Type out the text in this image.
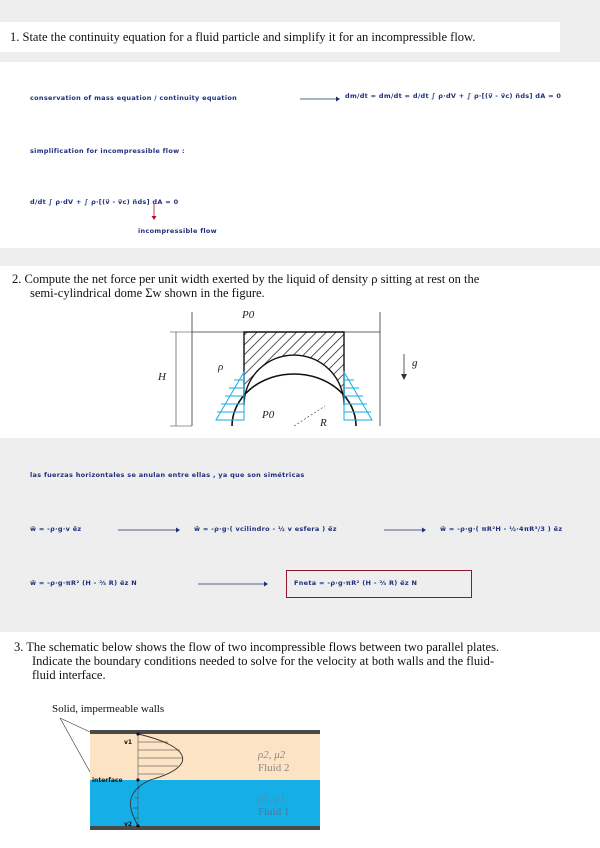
1. State the continuity equation for a fluid particle and simplify it for an incompressible flow.
conservation of mass equation / continuity equation	dm/dt = dm/dt = d/dt ∫ ρ·dV + ∫ ρ·[(v⃗ - v⃗c) n⃗ds] dA = 0
simplification for incompressible flow :
d/dt ∫ ρ·dV + ∫ ρ·[(v⃗ - v⃗c) n⃗ds] dA = 0
incompressible flow
2. Compute the net force per unit width exerted by the liquid of density ρ sitting at rest on the
semi-cylindrical dome Σw shown in the figure.
P0
ρ
H
g
P0
R
las fuerzas horizontales se anulan entre ellas , ya que son simétricas
w⃗ = -ρ·g·v e⃗z	w⃗ = -ρ·g·( vcilindro - ½ v esfera ) e⃗z	w⃗ = -ρ·g·( πR²H - ½·4πR³/3 ) e⃗z
w⃗ = -ρ·g·πR² (H - ⅔ R) e⃗z N	Fneta = -ρ·g·πR² (H - ⅔ R) e⃗z N
3. The schematic below shows the flow of two incompressible flows between two parallel plates.
Indicate the boundary conditions needed to solve for the velocity at both walls and the fluid-
fluid interface.
Solid, impermeable walls
v1
interface
v2
ρ2, μ2
Fluid 2
ρ1, μ1
Fluid 1
